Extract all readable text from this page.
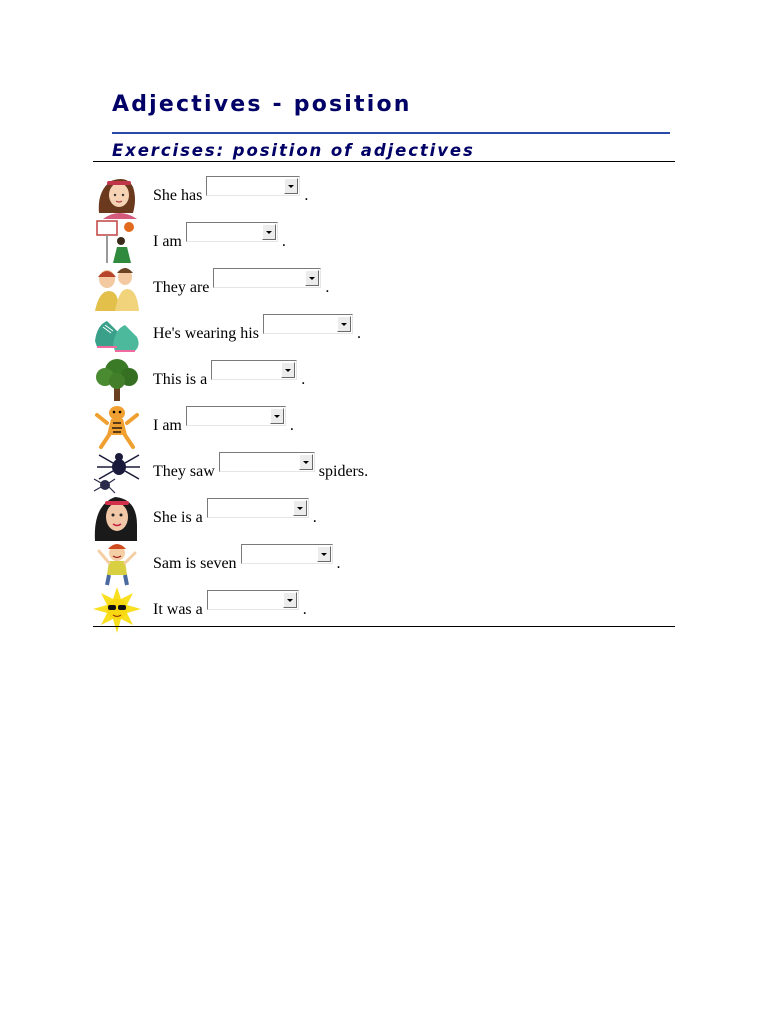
Adjectives - position
Exercises: position of adjectives
She has	.
I am	.
They are	.
He's wearing his	.
This is a	.
I am	.
They saw	spiders.
She is a	.
Sam is seven	.
It was a	.
